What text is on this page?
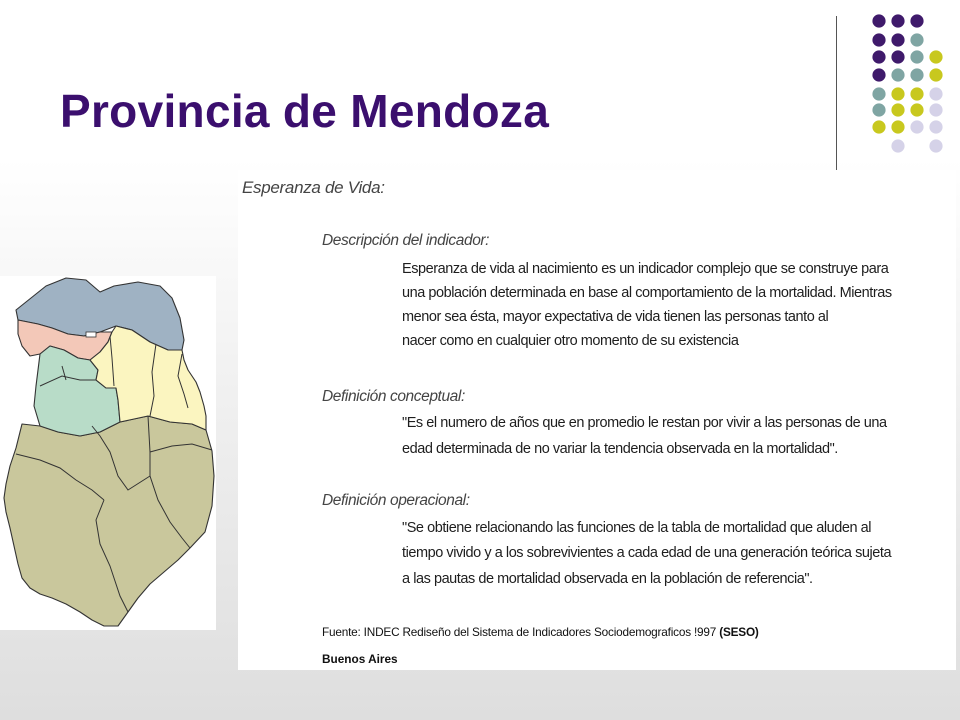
Provincia de Mendoza
Esperanza de Vida:
Descripción del indicador:
Esperanza de vida al nacimiento es un indicador complejo que se construye para
una población determinada en base al comportamiento de la mortalidad. Mientras
menor sea ésta, mayor expectativa de vida tienen las personas tanto al
nacer como en cualquier otro momento de su existencia
Definición conceptual:
"Es el numero de años que en promedio le restan por vivir a las personas de una
edad determinada de no variar la tendencia observada en la mortalidad".
Definición operacional:
"Se obtiene relacionando las funciones de la tabla de mortalidad que aluden al
tiempo vivido y a los sobrevivientes a cada edad de una generación teórica sujeta
a las pautas de mortalidad observada en la población de referencia".
Fuente: INDEC Rediseño del Sistema de Indicadores Sociodemograficos !997 (SESO)
Buenos Aires
